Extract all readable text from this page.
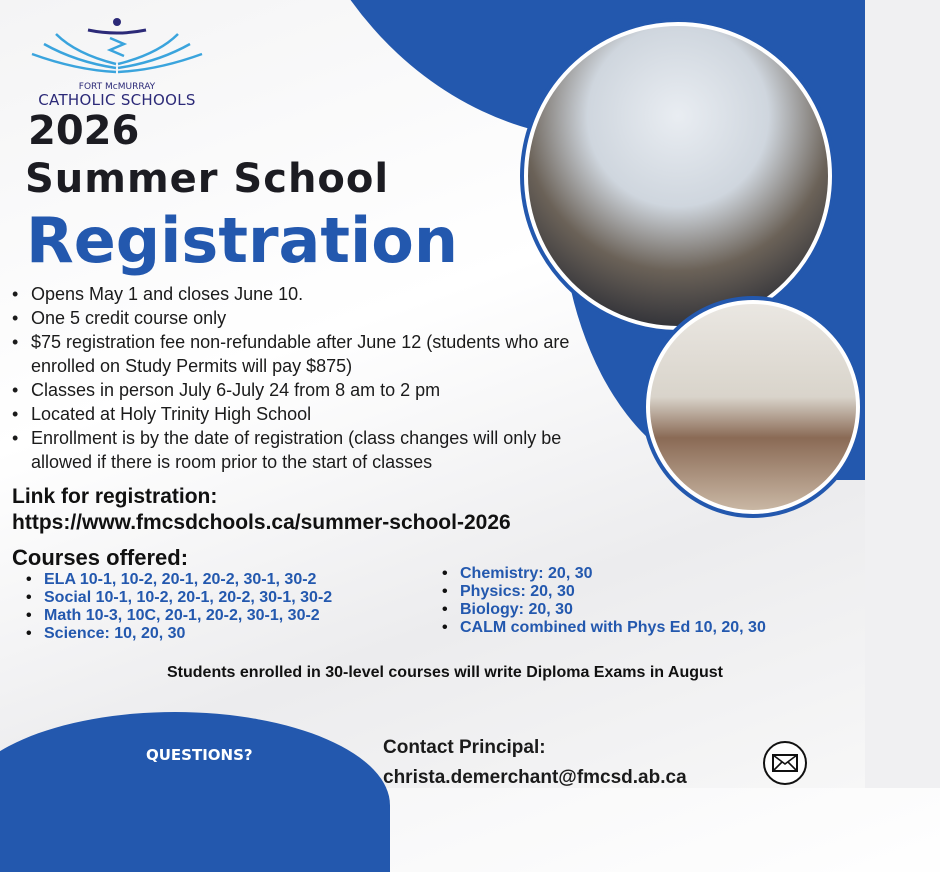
FORT McMURRAY
CATHOLIC SCHOOLS
2026
Summer School
Registration
• Opens May 1 and closes June 10.
• One 5 credit course only
• $75 registration fee non-refundable after June 12 (students who are enrolled on Study Permits will pay $875)
• Classes in person July 6-July 24 from 8 am to 2 pm
• Located at Holy Trinity High School
• Enrollment is by the date of registration (class changes will only be allowed if there is room prior to the start of classes
Link for registration:
https://www.fmcsdchools.ca/summer-school-2026
Courses offered:
• ELA 10-1, 10-2, 20-1, 20-2, 30-1, 30-2
• Social 10-1, 10-2, 20-1, 20-2, 30-1, 30-2
• Math 10-3, 10C, 20-1, 20-2, 30-1, 30-2
• Science: 10, 20, 30
• Chemistry: 20, 30
• Physics: 20, 30
• Biology: 20, 30
• CALM combined with Phys Ed 10, 20, 30
Students enrolled in 30-level courses will write Diploma Exams in August
QUESTIONS?	Contact Principal:
christa.demerchant@fmcsd.ab.ca
